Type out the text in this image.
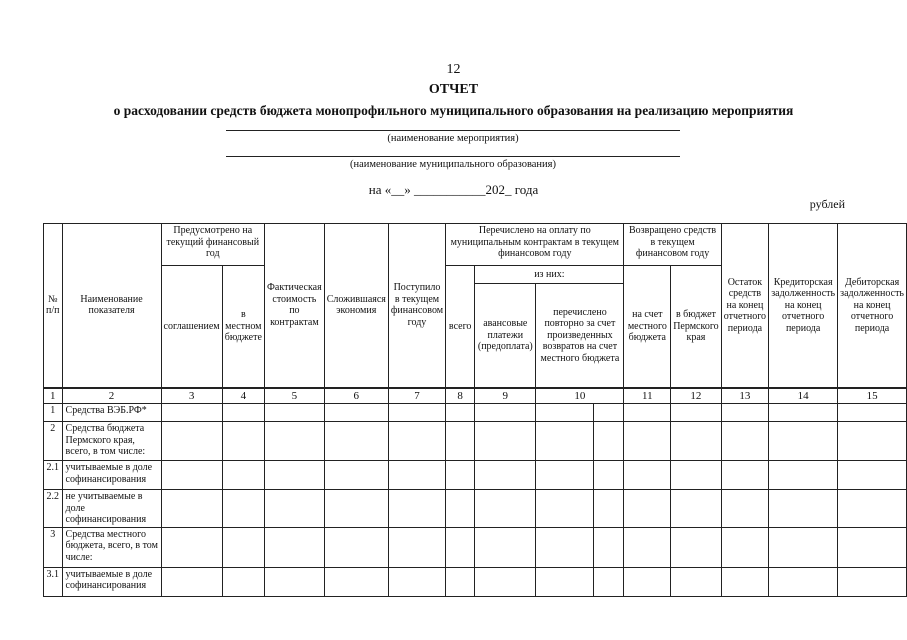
12
ОТЧЕТ
о расходовании средств бюджета монопрофильного муниципального образования на реализацию мероприятия
(наименование мероприятия)
(наименование муниципального образования)
на «__» ___________202_ года
рублей
№ п/п	Наименование показателя	Предусмотрено на текущий финансовый год		Фактическая стоимость по контрактам	Сложившаяся экономия	Поступило в текущем финансовом году	Перечислено на оплату по муниципальным контрактам в текущем финансовом году				Возвращено средств в текущем финансовом году		Остаток средств на конец отчетного периода	Кредиторская задолженность на конец отчетного периода	Дебиторская задолженность на конец отчетного периода
		соглашением	в местном бюджете				всего	из них:			на счет местного бюджета	в бюджет Пермского края			
								авансовые платежи (предоплата)	перечислено повторно за счет произведенных возвратов на счет местного бюджета						
1	2	3	4	5	6	7	8	9	10		11	12	13	14	15
1	Средства ВЭБ.РФ*														
2	Средства бюджета Пермского края, всего, в том числе:														
2.1	учитываемые в доле софинансирования														
2.2	не учитываемые в доле софинансирования														
3	Средства местного бюджета, всего, в том числе:														
3.1	учитываемые в доле софинансирования														
